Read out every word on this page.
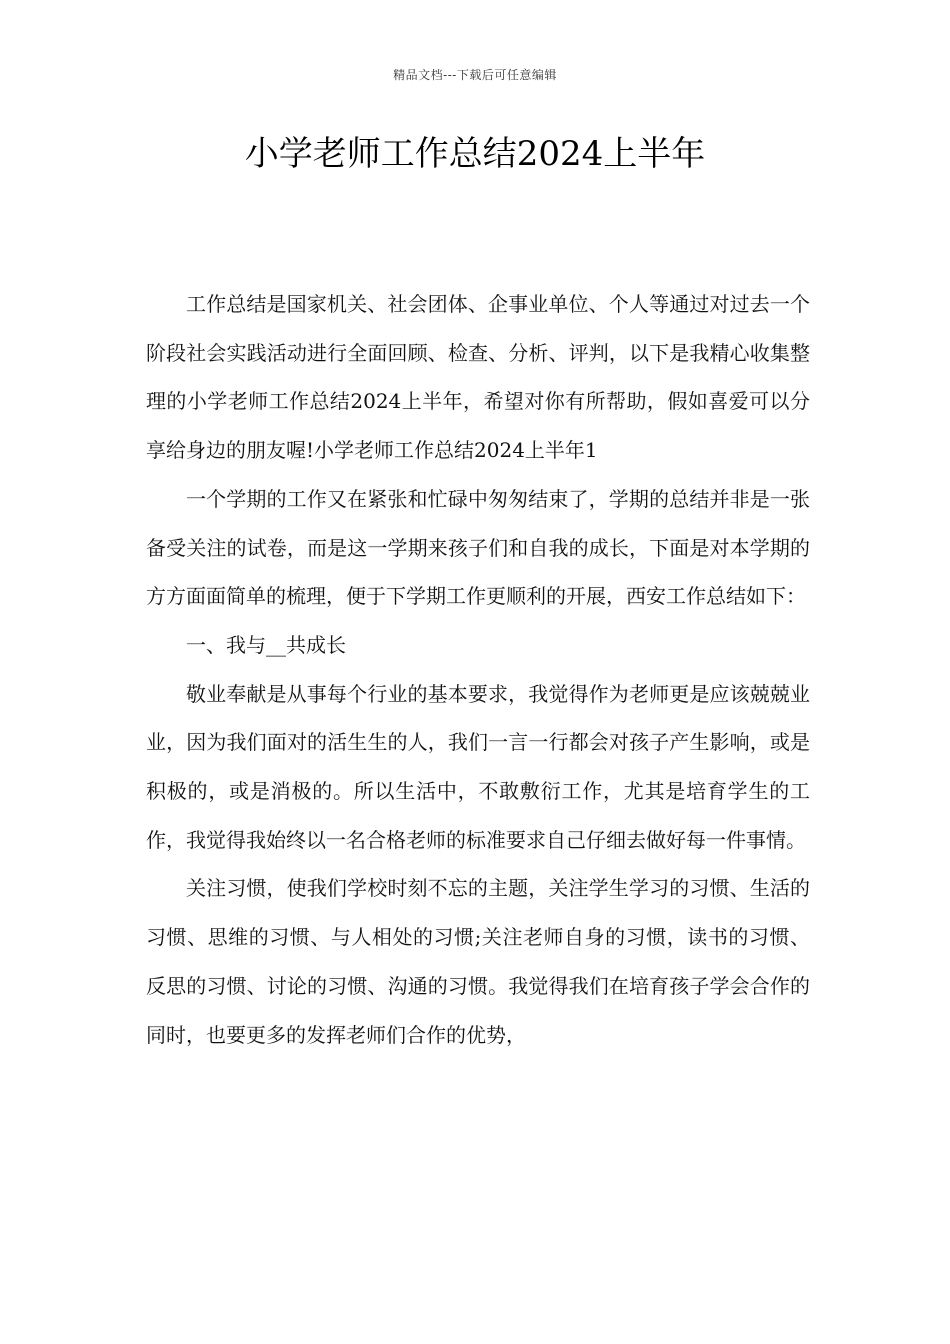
精品文档---下载后可任意编辑
小学老师工作总结2024上半年

工作总结是国家机关、社会团体、企事业单位、个人等通过对过去一个阶段社会实践活动进行全面回顾、检查、分析、评判，以下是我精心收集整理的小学老师工作总结2024上半年，希望对你有所帮助，假如喜爱可以分享给身边的朋友喔!小学老师工作总结2024上半年1

一个学期的工作又在紧张和忙碌中匆匆结束了，学期的总结并非是一张备受关注的试卷，而是这一学期来孩子们和自我的成长，下面是对本学期的方方面面简单的梳理，便于下学期工作更顺利的开展，西安工作总结如下：

一、我与__共成长

敬业奉献是从事每个行业的基本要求，我觉得作为老师更是应该兢兢业业，因为我们面对的活生生的人，我们一言一行都会对孩子产生影响，或是积极的，或是消极的。所以生活中，不敢敷衍工作，尤其是培育学生的工作，我觉得我始终以一名合格老师的标准要求自己仔细去做好每一件事情。

关注习惯，使我们学校时刻不忘的主题，关注学生学习的习惯、生活的习惯、思维的习惯、与人相处的习惯;关注老师自身的习惯，读书的习惯、反思的习惯、讨论的习惯、沟通的习惯。我觉得我们在培育孩子学会合作的同时，也要更多的发挥老师们合作的优势，
